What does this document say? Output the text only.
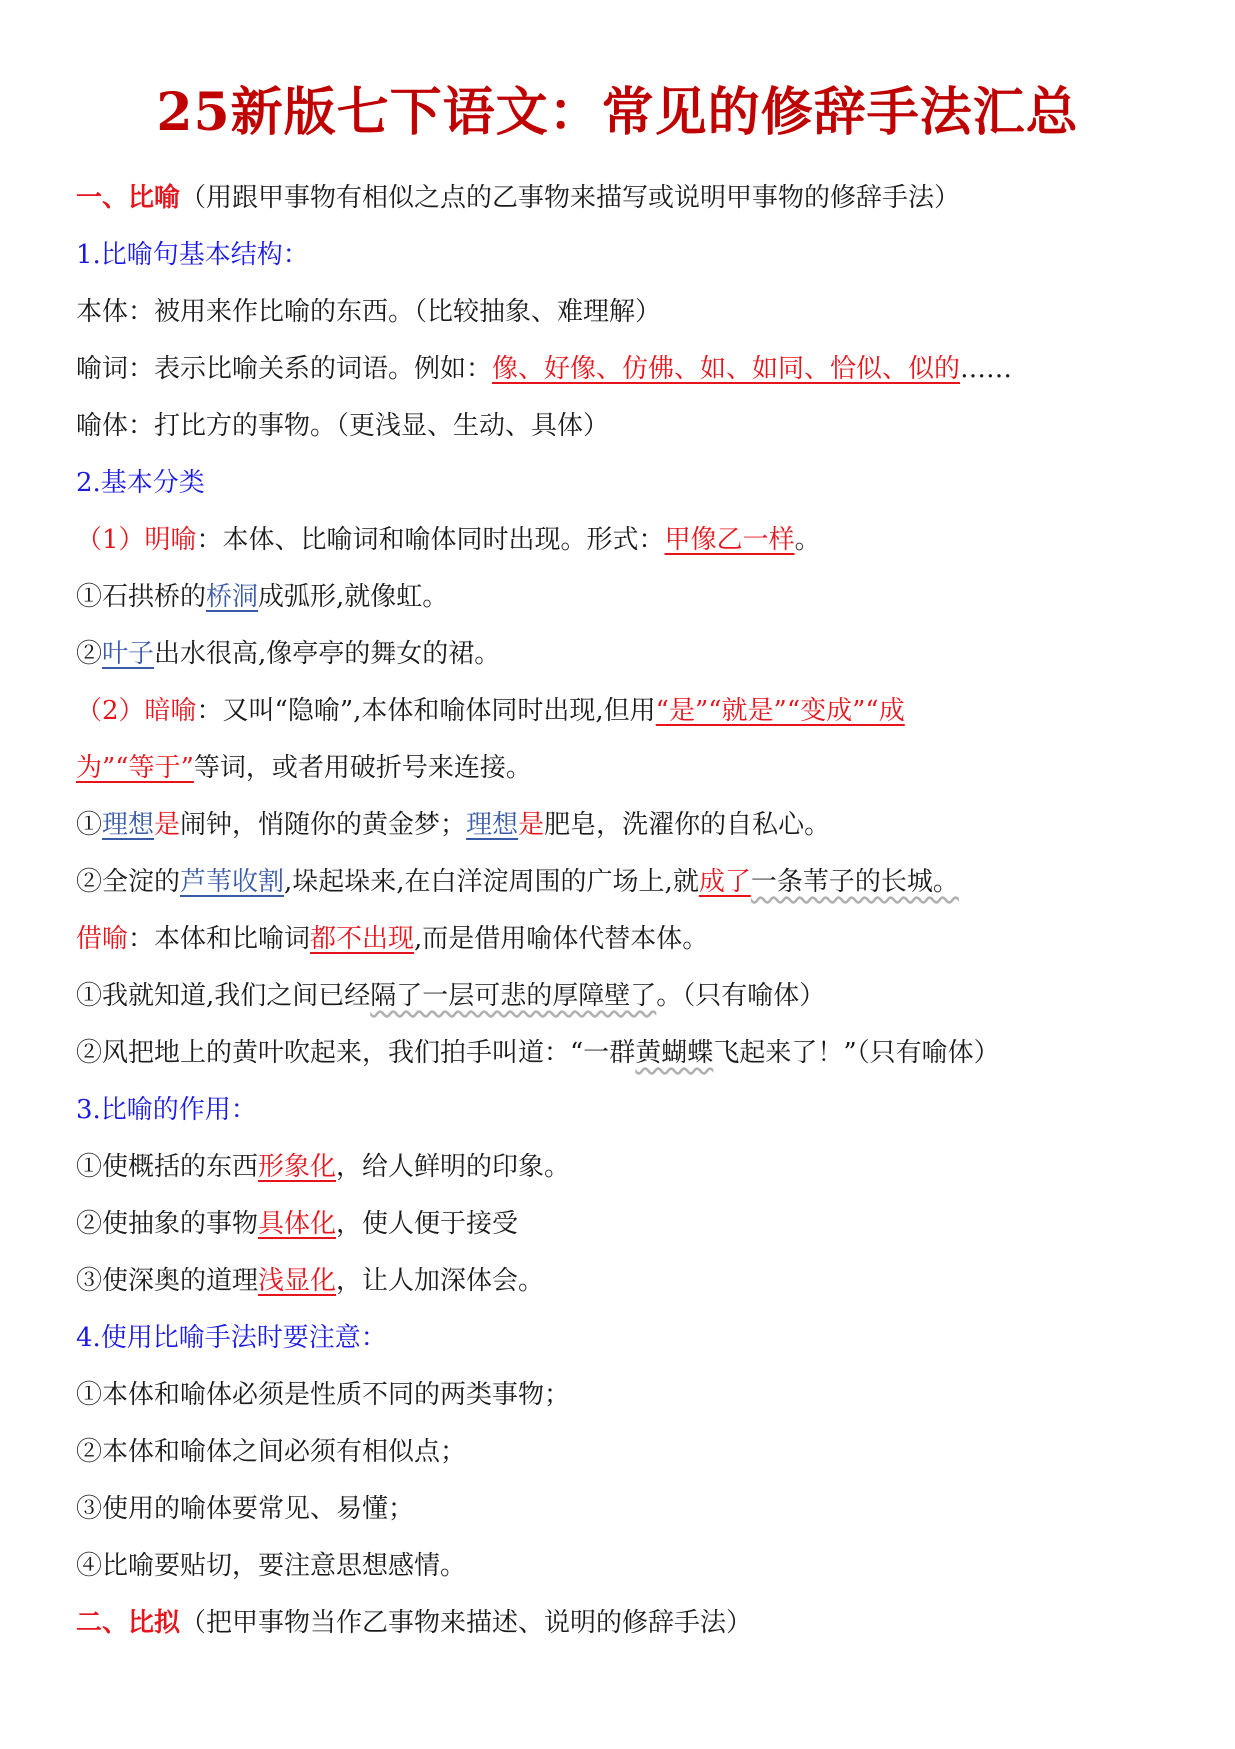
25新版七下语文：常见的修辞手法汇总
一、比喻（用跟甲事物有相似之点的乙事物来描写或说明甲事物的修辞手法）
1.比喻句基本结构：
本体：被用来作比喻的东西。（比较抽象、难理解）
喻词：表示比喻关系的词语。例如：像、好像、仿佛、如、如同、恰似、似的……
喻体：打比方的事物。（更浅显、生动、具体）
2.基本分类
（1）明喻：本体、比喻词和喻体同时出现。形式：甲像乙一样。
①石拱桥的桥洞成弧形,就像虹。
②叶子出水很高,像亭亭的舞女的裙。
（2）暗喻：又叫“隐喻”,本体和喻体同时出现,但用“是”“就是”“变成”“成
为”“等于”等词，或者用破折号来连接。
①理想是闹钟，悄随你的黄金梦；理想是肥皂，洗濯你的自私心。
②全淀的芦苇收割,垛起垛来,在白洋淀周围的广场上,就成了一条苇子的长城。
借喻：本体和比喻词都不出现,而是借用喻体代替本体。
①我就知道,我们之间已经隔了一层可悲的厚障壁了。（只有喻体）
②风把地上的黄叶吹起来，我们拍手叫道：“一群黄蝴蝶飞起来了！”（只有喻体）
3.比喻的作用：
①使概括的东西形象化，给人鲜明的印象。
②使抽象的事物具体化，使人便于接受
③使深奥的道理浅显化，让人加深体会。
4.使用比喻手法时要注意：
①本体和喻体必须是性质不同的两类事物；
②本体和喻体之间必须有相似点；
③使用的喻体要常见、易懂；
④比喻要贴切，要注意思想感情。
二、比拟（把甲事物当作乙事物来描述、说明的修辞手法）
